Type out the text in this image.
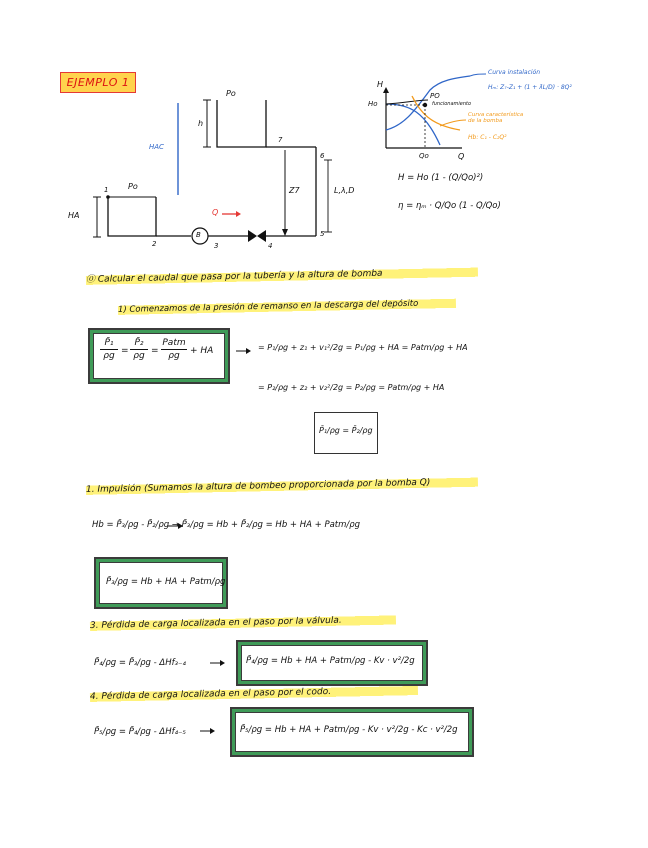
EJEMPLO 1
Po
Po
HA
HAC
h
Z7	L,λ,D
Q
B
1
2	3	4
5
6
7
H
Q
Ho
Qo
PO
funcionamiento
Curva instalación
Hₘ: Z₇-Z₁ + (1 + ƛL/D) · 8Q²
Curva característica de la bomba
Hb: C₁ - C₂Q²
H = Ho (1 - (Q/Qo)²)
η = ηₘ · Q/Qo (1 - Q/Qo)
⓪ Calcular el caudal que pasa por la tubería y la altura de bomba
1) Comenzamos de la presión de remanso en la descarga del depósito
$\frac{\text{P̄₁}}{\rho g} = \frac{\text{P̄₂}}{\rho g}$ =
Patm
ρg	+ HA	= P₁/ρg + z₁ + v₁²/2g = P₁/ρg + HA = Patm/ρg + HA
= P₂/ρg + z₂ + v₂²/2g = P₂/ρg = Patm/ρg + HA
P̄₁/ρg = P̄₂/ρg
1. Impulsión (Sumamos la altura de bombeo proporcionada por la bomba Q)
Hb = P̄₃/ρg - P̄₂/ρg → P̄₃/ρg = Hb + P̄₂/ρg = Hb + HA + Patm/ρg
P̄₃/ρg = Hb + HA + Patm/ρg
3. Pérdida de carga localizada en el paso por la válvula.
P̄₄/ρg = P̄₃/ρg - ΔHf₃₋₄	P̄₄/ρg = Hb + HA + Patm/ρg - Kv · v²/2g
4. Pérdida de carga localizada en el paso por el codo.
P̄₅/ρg = P̄₄/ρg - ΔHf₄₋₅	P̄₅/ρg = Hb + HA + Patm/ρg - Kv · v²/2g - Kc · v²/2g
